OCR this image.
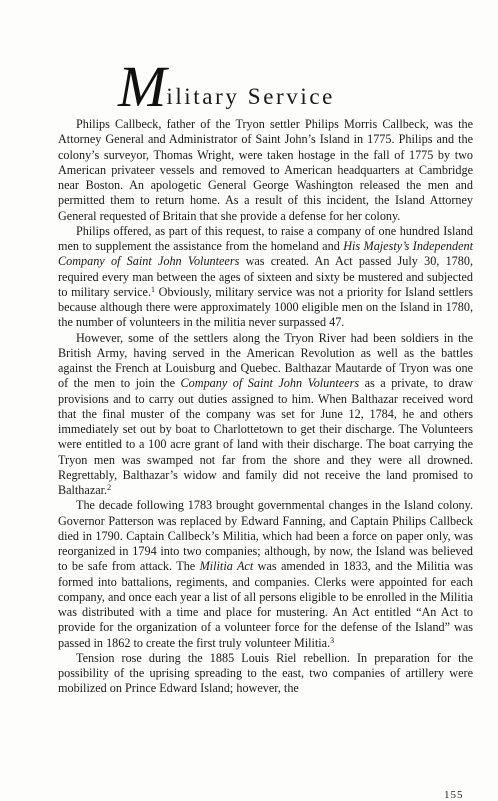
M ilitary Service

Philips Callbeck, father of the Tryon settler Philips Morris Callbeck, was the Attorney General and Administrator of Saint John’s Island in 1775. Philips and the colony’s surveyor, Thomas Wright, were taken hostage in the fall of 1775 by two American privateer vessels and removed to American headquarters at Cambridge near Boston. An apologetic General George Washington released the men and permitted them to return home. As a result of this incident, the Island Attorney General requested of Britain that she provide a defense for her colony.

Philips offered, as part of this request, to raise a company of one hundred Island men to supplement the assistance from the homeland and His Majesty’s Independent Company of Saint John Volunteers was created. An Act passed July 30, 1780, required every man between the ages of sixteen and sixty be mustered and subjected to military service.$^1$ Obviously, military service was not a priority for Island settlers because although there were approximately 1000 eligible men on the Island in 1780, the number of volunteers in the militia never surpassed 47.

However, some of the settlers along the Tryon River had been soldiers in the British Army, having served in the American Revolution as well as the battles against the French at Louisburg and Quebec. Balthazar Mautarde of Tryon was one of the men to join the Company of Saint John Volunteers as a private, to draw provisions and to carry out duties assigned to him. When Balthazar received word that the final muster of the company was set for June 12, 1784, he and others immediately set out by boat to Charlottetown to get their discharge. The Volunteers were entitled to a 100 acre grant of land with their discharge. The boat carrying the Tryon men was swamped not far from the shore and they were all drowned. Regrettably, Balthazar’s widow and family did not receive the land promised to Balthazar.$^2$

The decade following 1783 brought governmental changes in the Island colony. Governor Patterson was replaced by Edward Fanning, and Captain Philips Callbeck died in 1790. Captain Callbeck’s Militia, which had been a force on paper only, was reorganized in 1794 into two companies; although, by now, the Island was believed to be safe from attack. The Militia Act was amended in 1833, and the Militia was formed into battalions, regiments, and companies. Clerks were appointed for each company, and once each year a list of all persons eligible to be enrolled in the Militia was distributed with a time and place for mustering. An Act entitled “An Act to provide for the organization of a volunteer force for the defense of the Island” was passed in 1862 to create the first truly volunteer Militia.$^3$

Tension rose during the 1885 Louis Riel rebellion. In preparation for the possibility of the uprising spreading to the east, two companies of artillery were mobilized on Prince Edward Island; however, the

155
